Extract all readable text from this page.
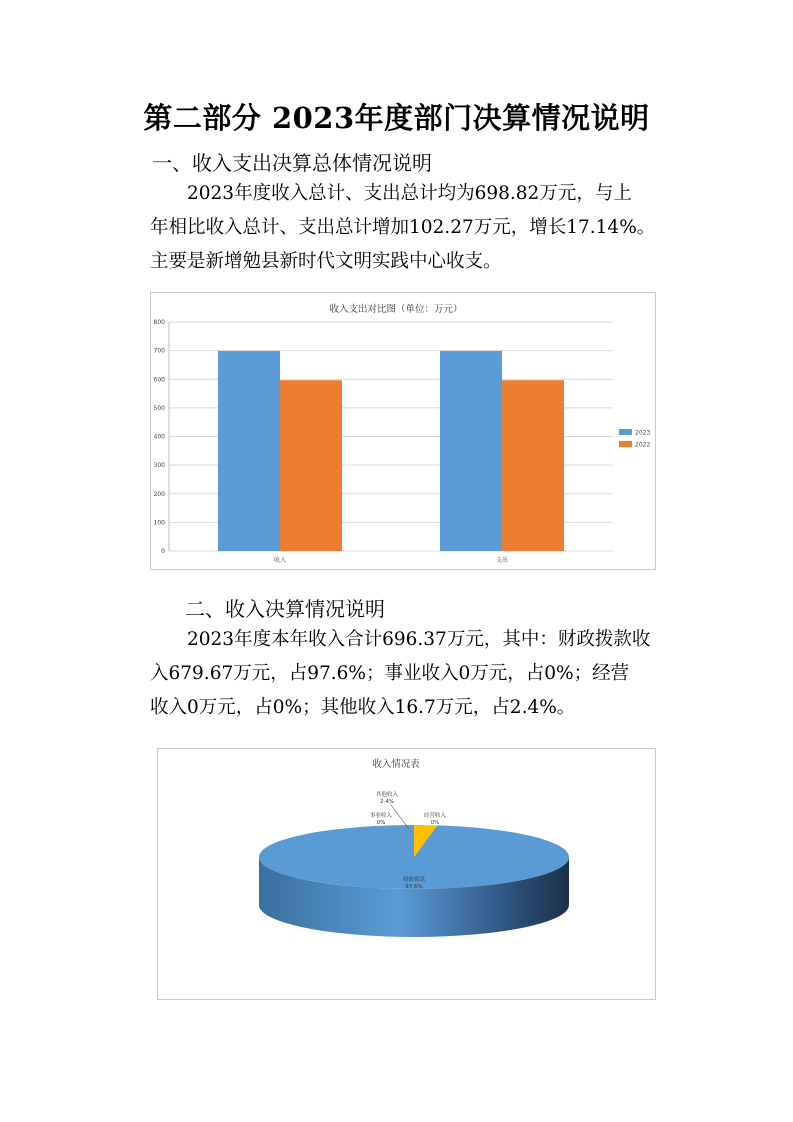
第二部分 2023年度部门决算情况说明
一、收入支出决算总体情况说明

2023年度收入总计、支出总计均为698.82万元，与上

年相比收入总计、支出总计增加102.27万元，增长17.14%。

主要是新增勉县新时代文明实践中心收支。

收入支出对比图（单位：万元）
0
100
200
300
400
500
600
700
800
收入	支出
2023
2022
二、收入决算情况说明

2023年度本年收入合计696.37万元，其中：财政拨款收

入679.67万元，占97.6%；事业收入0万元，占0%；经营

收入0万元，占0%；其他收入16.7万元，占2.4%。

收入情况表
财政拨款
97.6%
其他收入
2.4%
事业收入
0%
经营收入
0%
